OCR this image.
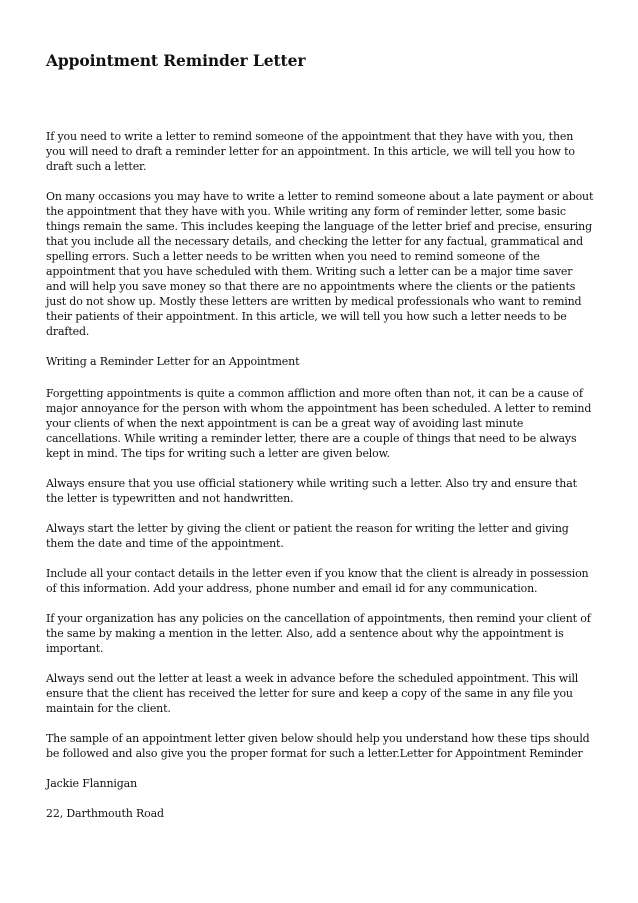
Appointment Reminder Letter

If you need to write a letter to remind someone of the appointment that they have with you, then you will need to draft a reminder letter for an appointment. In this article, we will tell you how to draft such a letter.

On many occasions you may have to write a letter to remind someone about a late payment or about the appointment that they have with you. While writing any form of reminder letter, some basic things remain the same. This includes keeping the language of the letter brief and precise, ensuring that you include all the necessary details, and checking the letter for any factual, grammatical and spelling errors. Such a letter needs to be written when you need to remind someone of the appointment that you have scheduled with them. Writing such a letter can be a major time saver and will help you save money so that there are no appointments where the clients or the patients just do not show up. Mostly these letters are written by medical professionals who want to remind their patients of their appointment. In this article, we will tell you how such a letter needs to be drafted.

Writing a Reminder Letter for an Appointment

Forgetting appointments is quite a common affliction and more often than not, it can be a cause of major annoyance for the person with whom the appointment has been scheduled. A letter to remind your clients of when the next appointment is can be a great way of avoiding last minute cancellations. While writing a reminder letter, there are a couple of things that need to be always kept in mind. The tips for writing such a letter are given below.

Always ensure that you use official stationery while writing such a letter. Also try and ensure that the letter is typewritten and not handwritten.

Always start the letter by giving the client or patient the reason for writing the letter and giving them the date and time of the appointment.

Include all your contact details in the letter even if you know that the client is already in possession of this information. Add your address, phone number and email id for any communication.

If your organization has any policies on the cancellation of appointments, then remind your client of the same by making a mention in the letter. Also, add a sentence about why the appointment is important.

Always send out the letter at least a week in advance before the scheduled appointment. This will ensure that the client has received the letter for sure and keep a copy of the same in any file you maintain for the client.

The sample of an appointment letter given below should help you understand how these tips should be followed and also give you the proper format for such a letter.Letter for Appointment Reminder

Jackie Flannigan

22, Darthmouth Road
